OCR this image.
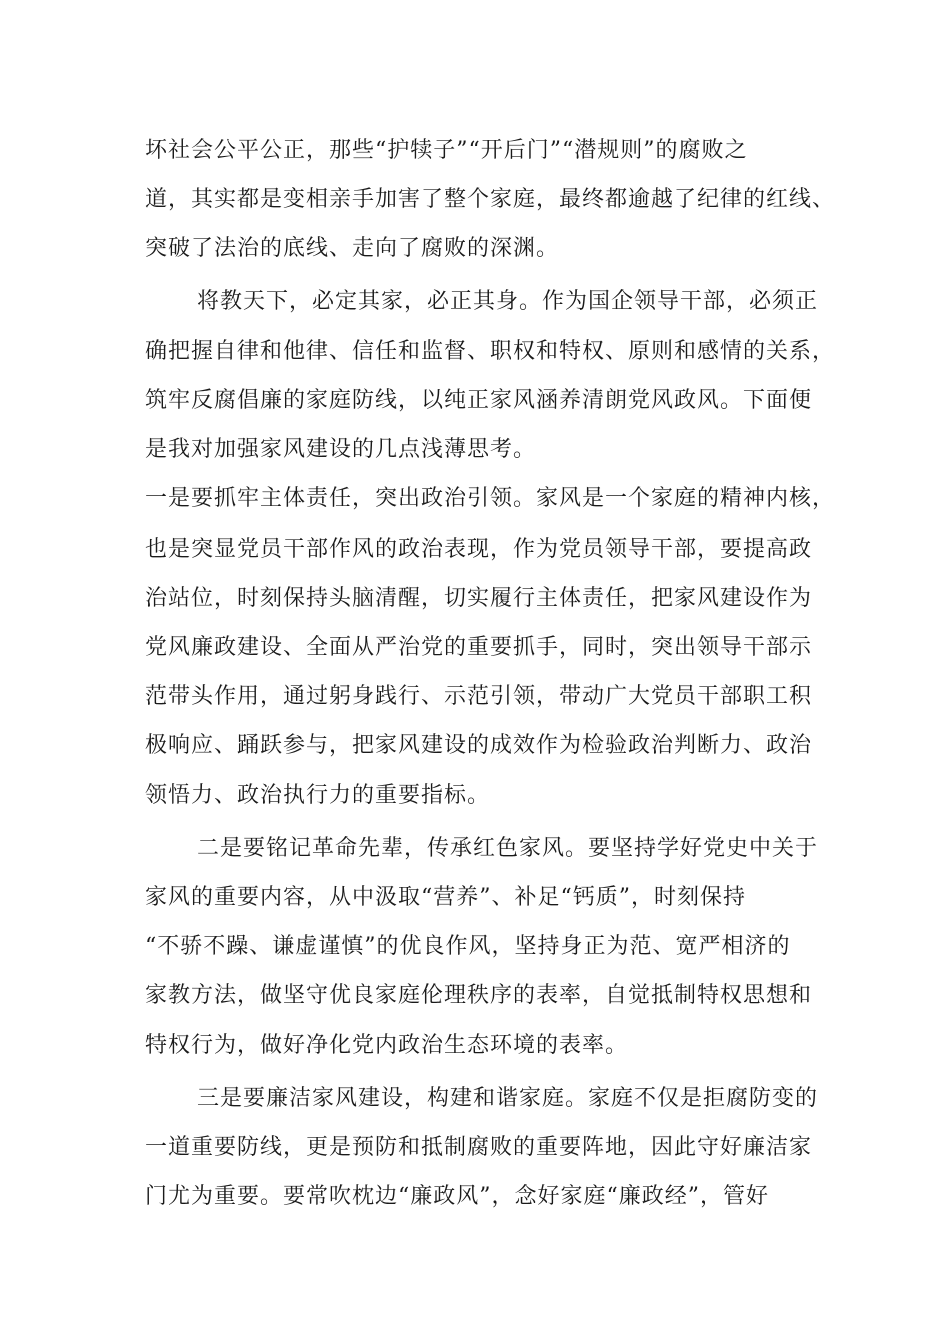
坏社会公平公正，那些“护犊子”“开后门”“潜规则”的腐败之

道，其实都是变相亲手加害了整个家庭，最终都逾越了纪律的红线、

突破了法治的底线、走向了腐败的深渊。

将教天下，必定其家，必正其身。作为国企领导干部，必须正

确把握自律和他律、信任和监督、职权和特权、原则和感情的关系，

筑牢反腐倡廉的家庭防线，以纯正家风涵养清朗党风政风。下面便

是我对加强家风建设的几点浅薄思考。

一是要抓牢主体责任，突出政治引领。家风是一个家庭的精神内核，

也是突显党员干部作风的政治表现，作为党员领导干部，要提高政

治站位，时刻保持头脑清醒，切实履行主体责任，把家风建设作为

党风廉政建设、全面从严治党的重要抓手，同时，突出领导干部示

范带头作用，通过躬身践行、示范引领，带动广大党员干部职工积

极响应、踊跃参与，把家风建设的成效作为检验政治判断力、政治

领悟力、政治执行力的重要指标。

二是要铭记革命先辈，传承红色家风。要坚持学好党史中关于

家风的重要内容，从中汲取“营养”、补足“钙质”，时刻保持

“不骄不躁、谦虚谨慎”的优良作风，坚持身正为范、宽严相济的

家教方法，做坚守优良家庭伦理秩序的表率，自觉抵制特权思想和

特权行为，做好净化党内政治生态环境的表率。

三是要廉洁家风建设，构建和谐家庭。家庭不仅是拒腐防变的

一道重要防线，更是预防和抵制腐败的重要阵地，因此守好廉洁家

门尤为重要。要常吹枕边“廉政风”，念好家庭“廉政经”，管好
